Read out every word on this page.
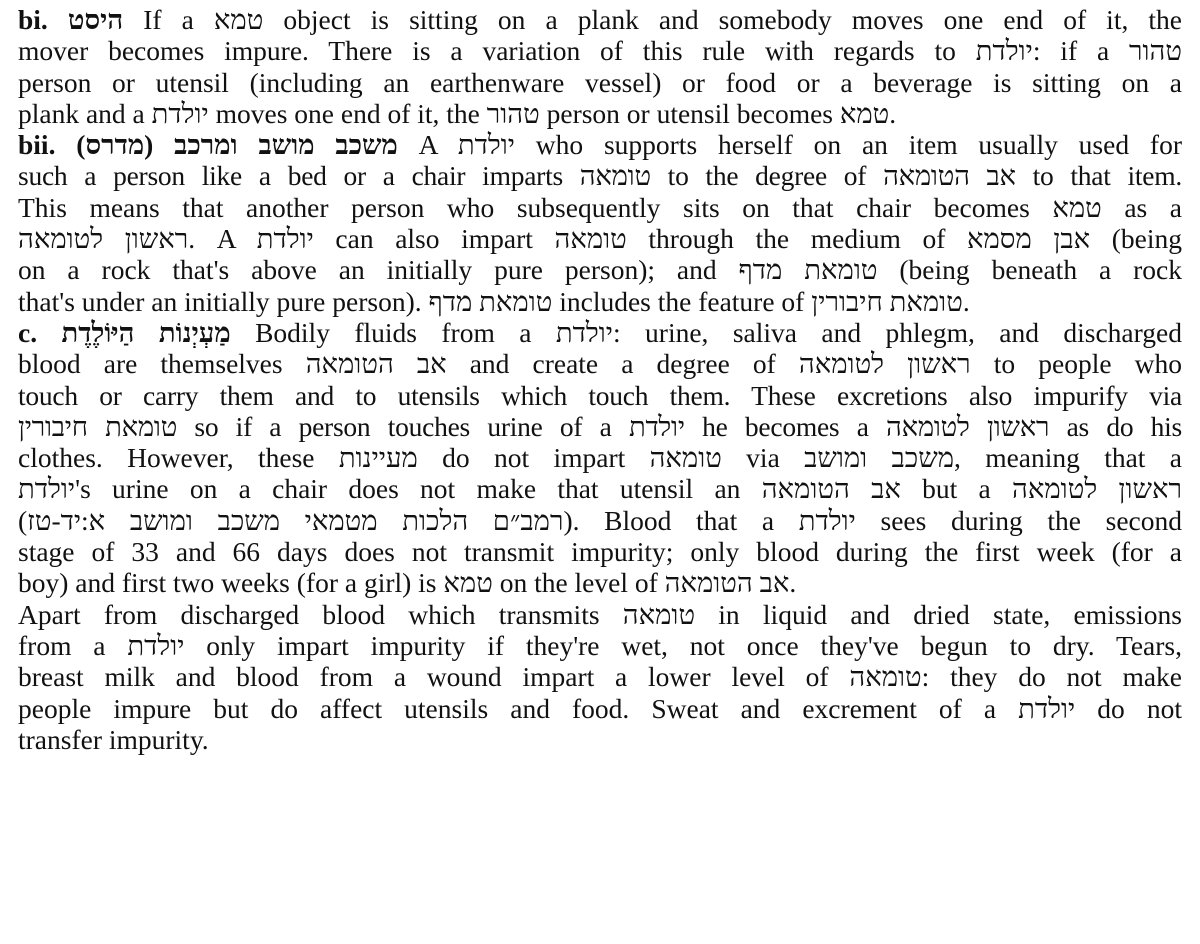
bi. היסט If a טמא object is sitting on a plank and somebody moves one end of it, the
mover becomes impure. There is a variation of this rule with regards to יולדת: if a טהור
person or utensil (including an earthenware vessel) or food or a beverage is sitting on a
plank and a יולדת moves one end of it, the טהור person or utensil becomes טמא.
bii. (מדרס) משכב מושב ומרכב A יולדת who supports herself on an item usually used for
such a person like a bed or a chair imparts טומאה to the degree of אב הטומאה to that item.
This means that another person who subsequently sits on that chair becomes טמא as a
ראשון לטומאה. A יולדת can also impart טומאה through the medium of אבן מסמא (being
on a rock that's above an initially pure person); and טומאת מדף (being beneath a rock
that's under an initially pure person). טומאת מדף includes the feature of טומאת חיבורין.
c. מַעְיְנוֹת הַיּוֹלֶדֶת Bodily fluids from a יולדת: urine, saliva and phlegm, and discharged
blood are themselves אב הטומאה and create a degree of ראשון לטומאה to people who
touch or carry them and to utensils which touch them. These excretions also impurify via
טומאת חיבורין so if a person touches urine of a יולדת he becomes a ראשון לטומאה as do his
clothes. However, these מעיינות do not impart טומאה via משכב ומושב, meaning that a
יולדת's urine on a chair does not make that utensil an אב הטומאה but a ראשון לטומאה
(רמב״ם הלכות מטמאי משכב ומושב א:יד-טז). Blood that a יולדת sees during the second
stage of 33 and 66 days does not transmit impurity; only blood during the first week (for a
boy) and first two weeks (for a girl) is טמא on the level of אב הטומאה.
Apart from discharged blood which transmits טומאה in liquid and dried state, emissions
from a יולדת only impart impurity if they're wet, not once they've begun to dry. Tears,
breast milk and blood from a wound impart a lower level of טומאה: they do not make
people impure but do affect utensils and food. Sweat and excrement of a יולדת do not
transfer impurity.
